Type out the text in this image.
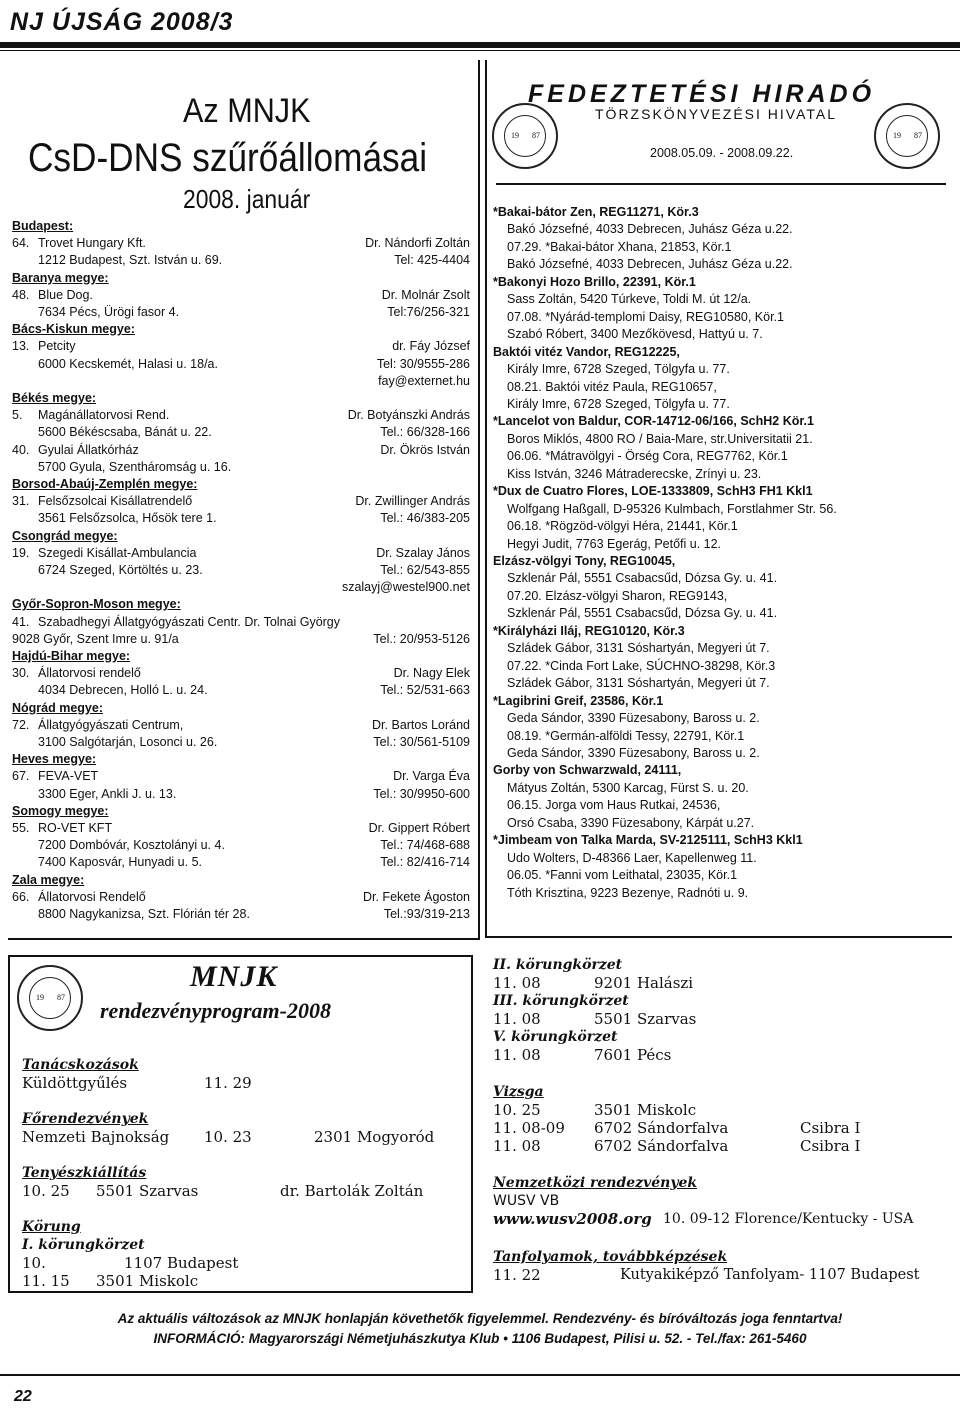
NJ ÚJSÁG 2008/3
Az MNJK
CsD-DNS szűrőállomásai
2008. január
Budapest:
64. Trovet Hungary Kft.	Dr. Nándorfi Zoltán
1212 Budapest, Szt. István u. 69.	Tel: 425-4404
Baranya megye:
48. Blue Dog.	Dr. Molnár Zsolt
7634 Pécs, Ürögi fasor 4.	Tel:76/256-321
Bács-Kiskun megye:
13. Petcity	dr. Fáy József
6000 Kecskemét, Halasi u. 18/a.	Tel: 30/9555-286
fay@externet.hu
Békés megye:
5. Magánállatorvosi Rend.	Dr. Botyánszki András
5600 Békéscsaba, Bánát u. 22.	Tel.: 66/328-166
40. Gyulai Állatkórház	Dr. Ökrös István
5700 Gyula, Szentháromság u. 16.
Borsod-Abaúj-Zemplén megye:
31. Felsőzsolcai Kisállatrendelő	Dr. Zwillinger András
3561 Felsőzsolca, Hősök tere 1.	Tel.: 46/383-205
Csongrád megye:
19. Szegedi Kisállat-Ambulancia	Dr. Szalay János
6724 Szeged, Körtöltés u. 23.	Tel.: 62/543-855
szalayj@westel900.net
Győr-Sopron-Moson megye:
41. Szabadhegyi Állatgyógyászati Centr. Dr. Tolnai György
9028 Győr, Szent Imre u. 91/a	Tel.: 20/953-5126
Hajdú-Bihar megye:
30. Állatorvosi rendelő	Dr. Nagy Elek
4034 Debrecen, Holló L. u. 24.	Tel.: 52/531-663
Nógrád megye:
72. Állatgyógyászati Centrum,	Dr. Bartos Loránd
3100 Salgótarján, Losonci u. 26.	Tel.: 30/561-5109
Heves megye:
67. FEVA-VET	Dr. Varga Éva
3300 Eger, Ankli J. u. 13.	Tel.: 30/9950-600
Somogy megye:
55. RO-VET KFT	Dr. Gippert Róbert
7200 Dombóvár, Kosztolányi u. 4.	Tel.: 74/468-688
7400 Kaposvár, Hunyadi u. 5.	Tel.: 82/416-714
Zala megye:
66. Állatorvosi Rendelő	Dr. Fekete Ágoston
8800 Nagykanizsa, Szt. Flórián tér 28.	Tel.:93/319-213
19 87	19 87
FEDEZTETÉSI HIRADÓ
TÖRZSKÖNYVEZÉSI HIVATAL
2008.05.09. - 2008.09.22.
*Bakai-bátor Zen, REG11271, Kör.3
Bakó Józsefné, 4033 Debrecen, Juhász Géza u.22.
07.29. *Bakai-bátor Xhana, 21853, Kör.1
Bakó Józsefné, 4033 Debrecen, Juhász Géza u.22.
*Bakonyi Hozo Brillo, 22391, Kör.1
Sass Zoltán, 5420 Túrkeve, Toldi M. út 12/a.
07.08. *Nyárád-templomi Daisy, REG10580, Kör.1
Szabó Róbert, 3400 Mezőkövesd, Hattyú u. 7.
Baktói vitéz Vandor, REG12225,
Király Imre, 6728 Szeged, Tölgyfa u. 77.
08.21. Baktói vitéz Paula, REG10657,
Király Imre, 6728 Szeged, Tölgyfa u. 77.
*Lancelot von Baldur, COR-14712-06/166, SchH2 Kör.1
Boros Miklós, 4800 RO / Baia-Mare, str.Universitatii 21.
06.06. *Mátravölgyi - Örség Cora, REG7762, Kör.1
Kiss István, 3246 Mátraderecske, Zrínyi u. 23.
*Dux de Cuatro Flores, LOE-1333809, SchH3 FH1 Kkl1
Wolfgang Haßgall, D-95326 Kulmbach, Forstlahmer Str. 56.
06.18. *Rögzöd-völgyi Héra, 21441, Kör.1
Hegyi Judit, 7763 Egerág, Petőfi u. 12.
Elzász-völgyi Tony, REG10045,
Szklenár Pál, 5551 Csabacsűd, Dózsa Gy. u. 41.
07.20. Elzász-völgyi Sharon, REG9143,
Szklenár Pál, 5551 Csabacsűd, Dózsa Gy. u. 41.
*Királyházi Iláj, REG10120, Kör.3
Szládek Gábor, 3131 Sóshartyán, Megyeri út 7.
07.22. *Cinda Fort Lake, SÚCHNO-38298, Kör.3
Szládek Gábor, 3131 Sóshartyán, Megyeri út 7.
*Lagibrini Greif, 23586, Kör.1
Geda Sándor, 3390 Füzesabony, Baross u. 2.
08.19. *Germán-alföldi Tessy, 22791, Kör.1
Geda Sándor, 3390 Füzesabony, Baross u. 2.
Gorby von Schwarzwald, 24111,
Mátyus Zoltán, 5300 Karcag, Fürst S. u. 20.
06.15. Jorga vom Haus Rutkai, 24536,
Orsó Csaba, 3390 Füzesabony, Kárpát u.27.
*Jimbeam von Talka Marda, SV-2125111, SchH3 Kkl1
Udo Wolters, D-48366 Laer, Kapellenweg 11.
06.05. *Fanni vom Leithatal, 23035, Kör.1
Tóth Krisztina, 9223 Bezenye, Radnóti u. 9.
19 87
MNJK
rendezvényprogram-2008
Tanácskozások
Küldöttgyűlés	11. 29
Főrendezvények
Nemzeti Bajnokság 10. 23	2301 Mogyoród
Tenyészkiállítás
10. 25 5501 Szarvas	dr. Bartolák Zoltán
Körung
I. körungkörzet
10.	1107 Budapest
11. 15 3501 Miskolc
II. körungkörzet
11. 08	9201 Halászi
III. körungkörzet
11. 08	5501 Szarvas
V. körungkörzet
11. 08	7601 Pécs
Vizsga
10. 25	3501 Miskolc
11. 08-09 6702 Sándorfalva	Csibra I
11. 08	6702 Sándorfalva	Csibra I
Nemzetközi rendezvények
WUSV VB
www.wusv2008.org 10. 09-12 Florence/Kentucky - USA
Tanfolyamok, továbbképzések
11. 22	Kutyakiképző Tanfolyam- 1107 Budapest
Az aktuális változások az MNJK honlapján követhetők figyelemmel. Rendezvény- és bíróváltozás joga fenntartva!
INFORMÁCIÓ: Magyarországi Németjuhászkutya Klub • 1106 Budapest, Pilisi u. 52. - Tel./fax: 261-5460
22
